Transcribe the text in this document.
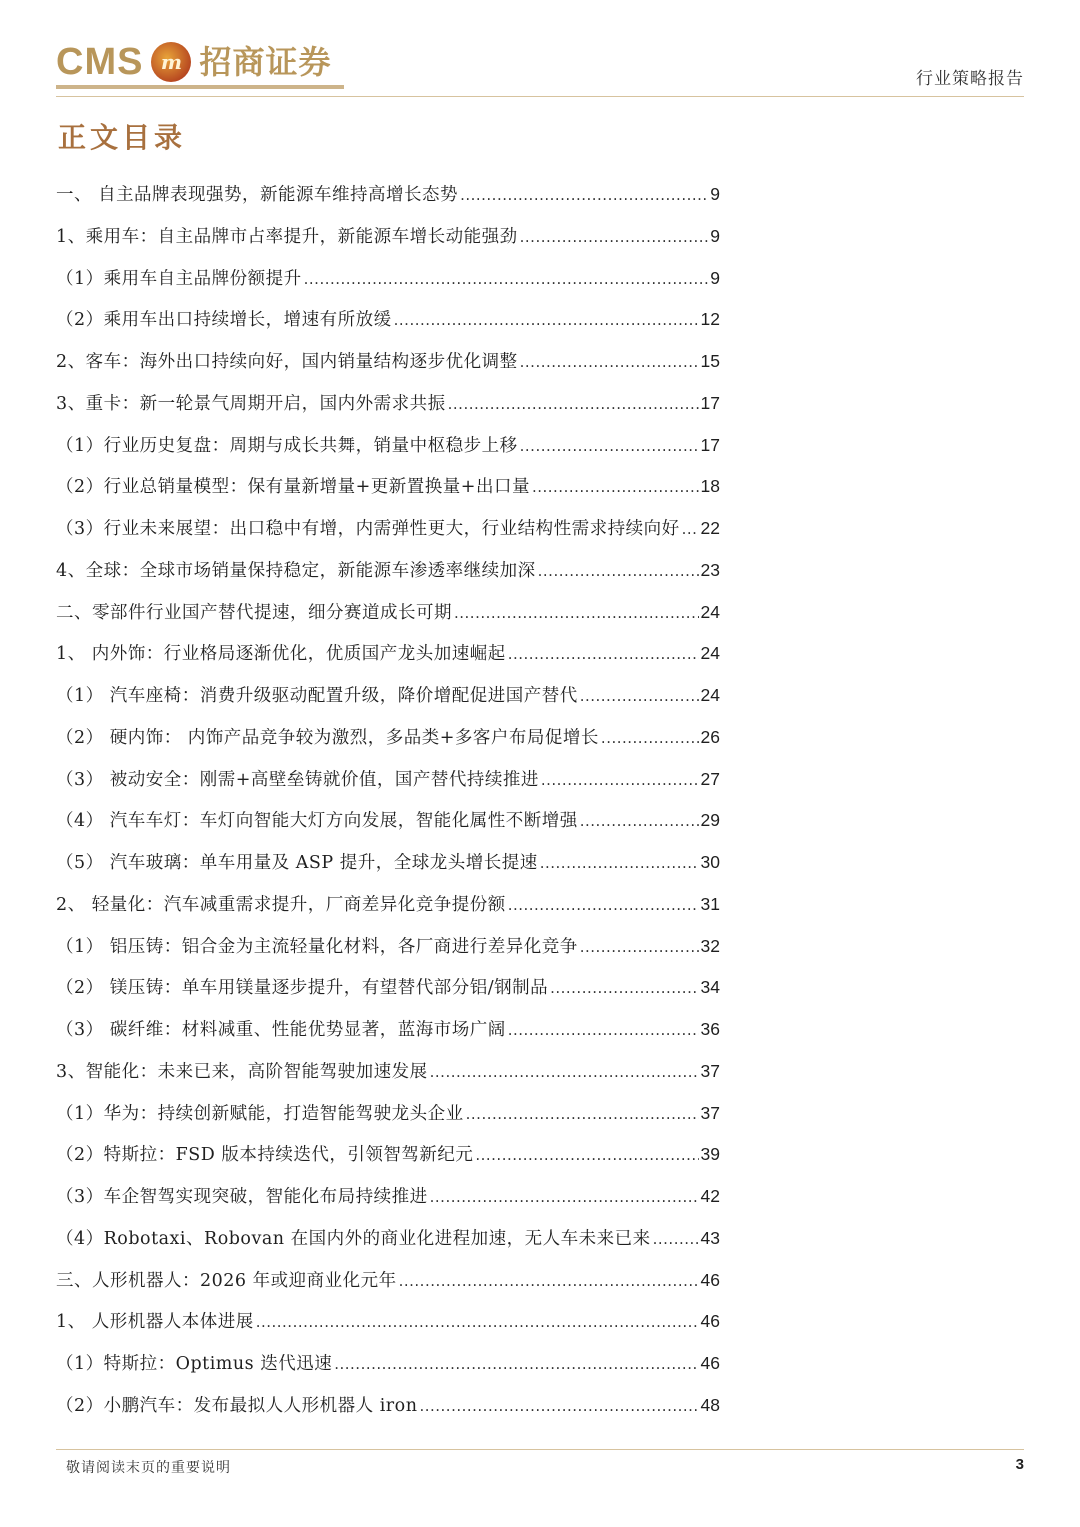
CMS m 招商证券	行业策略报告
正文目录
一、 自主品牌表现强势，新能源车维持高增长态势 .....	9
1、乘用车：自主品牌市占率提升，新能源车增长动能强劲 .....	9
（1）乘用车自主品牌份额提升 .....	9
（2）乘用车出口持续增长，增速有所放缓 .....	12
2、客车：海外出口持续向好，国内销量结构逐步优化调整 .....	15
3、重卡：新一轮景气周期开启，国内外需求共振 .....	17
（1）行业历史复盘：周期与成长共舞，销量中枢稳步上移 .....	17
（2）行业总销量模型：保有量新增量+更新置换量+出口量 .....	18
（3）行业未来展望：出口稳中有增，内需弹性更大，行业结构性需求持续向好 ..... 22
4、全球：全球市场销量保持稳定，新能源车渗透率继续加深 .....	23
二、零部件行业国产替代提速，细分赛道成长可期 .....	24
1、 内外饰：行业格局逐渐优化，优质国产龙头加速崛起 .....	24
（1） 汽车座椅：消费升级驱动配置升级，降价增配促进国产替代 .....	24
（2） 硬内饰： 内饰产品竞争较为激烈，多品类+多客户布局促增长 .....	26
（3） 被动安全：刚需+高壁垒铸就价值，国产替代持续推进 .....	27
（4） 汽车车灯：车灯向智能大灯方向发展，智能化属性不断增强 .....	29
（5） 汽车玻璃：单车用量及 ASP 提升，全球龙头增长提速 .....	30
2、 轻量化：汽车减重需求提升，厂商差异化竞争提份额 .....	31
（1） 铝压铸：铝合金为主流轻量化材料，各厂商进行差异化竞争 .....	32
（2） 镁压铸：单车用镁量逐步提升，有望替代部分铝/钢制品 .....	34
（3） 碳纤维：材料减重、性能优势显著，蓝海市场广阔 .....	36
3、智能化：未来已来，高阶智能驾驶加速发展 .....	37
（1）华为：持续创新赋能，打造智能驾驶龙头企业 .....	37
（2）特斯拉：FSD 版本持续迭代，引领智驾新纪元 .....	39
（3）车企智驾实现突破，智能化布局持续推进 .....	42
（4）Robotaxi、Robovan 在国内外的商业化进程加速，无人车未来已来 .....	43
三、人形机器人：2026 年或迎商业化元年 .....	46
1、 人形机器人本体进展 .....	46
（1）特斯拉：Optimus 迭代迅速 .....	46
（2）小鹏汽车：发布最拟人人形机器人 iron .....	48
敬请阅读末页的重要说明	3
